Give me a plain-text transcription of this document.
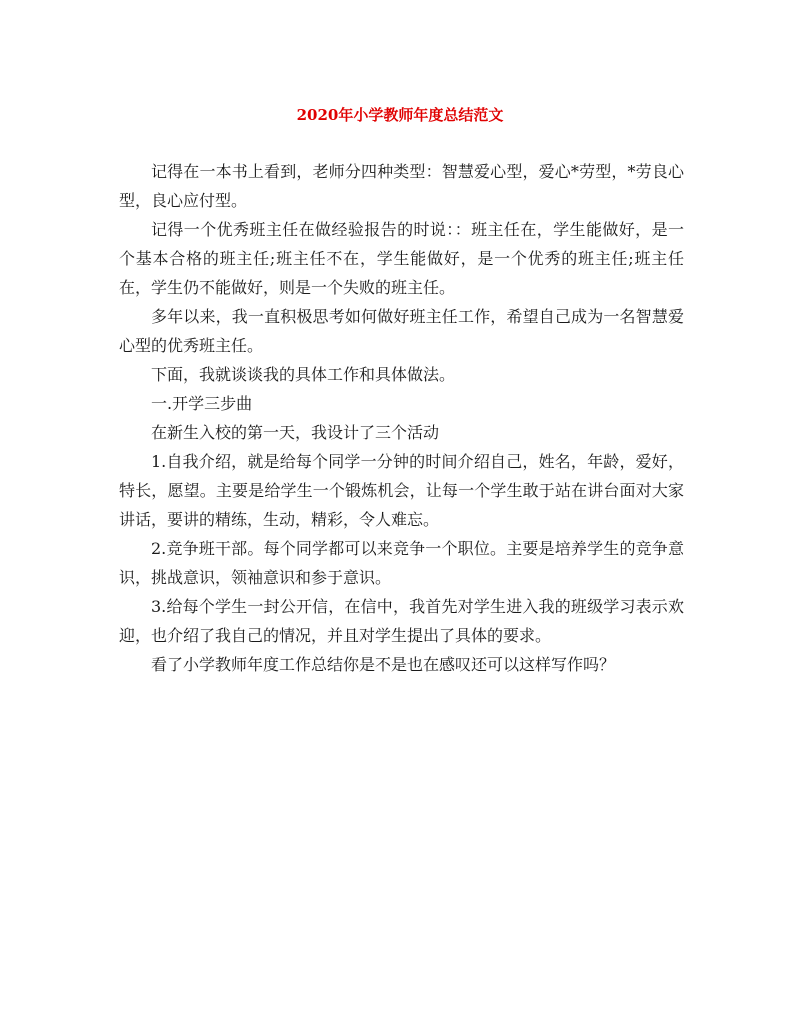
2020年小学教师年度总结范文

记得在一本书上看到，老师分四种类型：智慧爱心型，爱心*劳型，*劳良心型，良心应付型。

记得一个优秀班主任在做经验报告的时说：：班主任在，学生能做好，是一个基本合格的班主任;班主任不在，学生能做好，是一个优秀的班主任;班主任在，学生仍不能做好，则是一个失败的班主任。

多年以来，我一直积极思考如何做好班主任工作，希望自己成为一名智慧爱心型的优秀班主任。

下面，我就谈谈我的具体工作和具体做法。

一.开学三步曲

在新生入校的第一天，我设计了三个活动

1.自我介绍，就是给每个同学一分钟的时间介绍自己，姓名，年龄，爱好，特长，愿望。主要是给学生一个锻炼机会，让每一个学生敢于站在讲台面对大家讲话，要讲的精练，生动，精彩，令人难忘。

2.竞争班干部。每个同学都可以来竞争一个职位。主要是培养学生的竞争意识，挑战意识，领袖意识和参于意识。

3.给每个学生一封公开信，在信中，我首先对学生进入我的班级学习表示欢迎，也介绍了我自己的情况，并且对学生提出了具体的要求。

看了小学教师年度工作总结你是不是也在感叹还可以这样写作吗？
